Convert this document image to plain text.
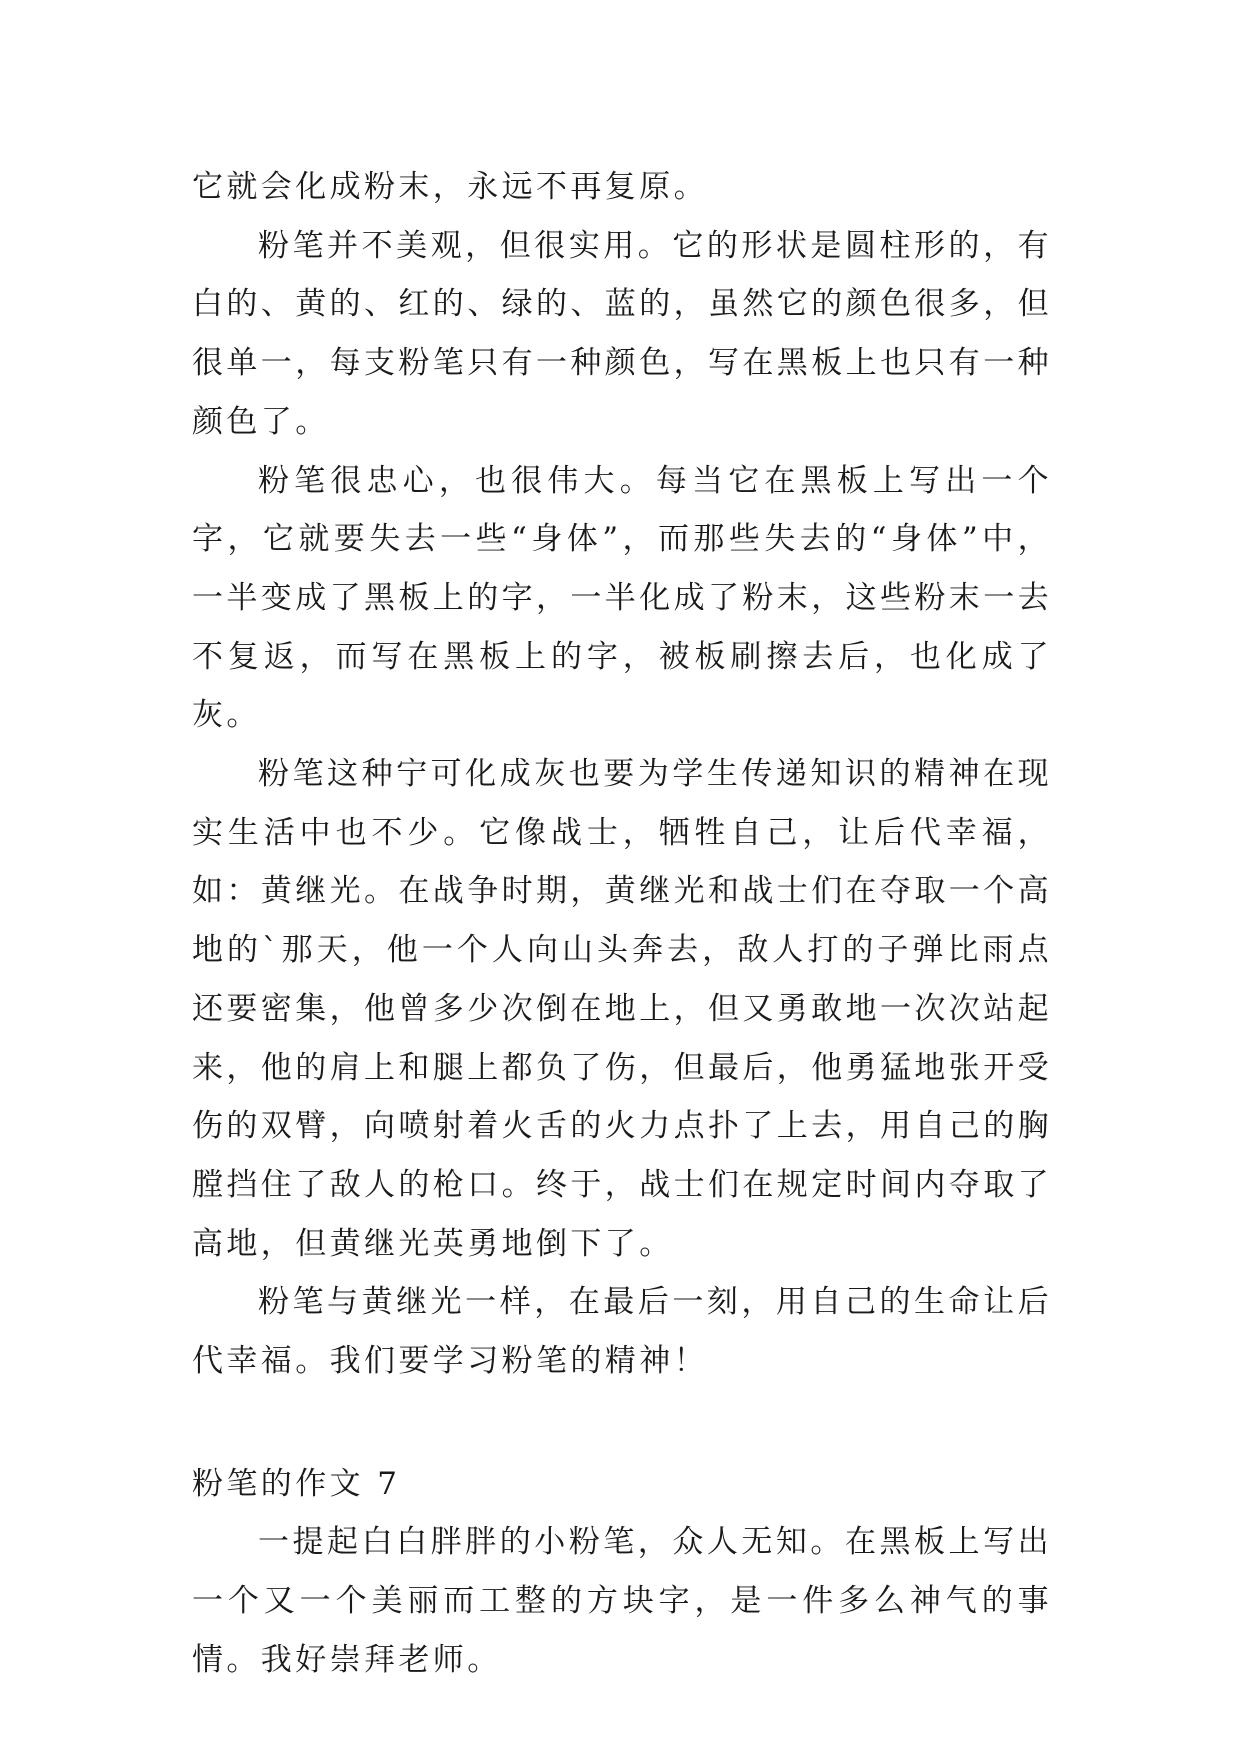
它就会化成粉末，永远不再复原。

粉笔并不美观，但很实用。它的形状是圆柱形的，有白的、黄的、红的、绿的、蓝的，虽然它的颜色很多，但很单一，每支粉笔只有一种颜色，写在黑板上也只有一种颜色了。

粉笔很忠心，也很伟大。每当它在黑板上写出一个字，它就要失去一些“身体”，而那些失去的“身体”中，一半变成了黑板上的字，一半化成了粉末，这些粉末一去不复返，而写在黑板上的字，被板刷擦去后，也化成了灰。

粉笔这种宁可化成灰也要为学生传递知识的精神在现实生活中也不少。它像战士，牺牲自己，让后代幸福，如：黄继光。在战争时期，黄继光和战士们在夺取一个高地的`那天，他一个人向山头奔去，敌人打的子弹比雨点还要密集，他曾多少次倒在地上，但又勇敢地一次次站起来，他的肩上和腿上都负了伤，但最后，他勇猛地张开受伤的双臂，向喷射着火舌的火力点扑了上去，用自己的胸膛挡住了敌人的枪口。终于，战士们在规定时间内夺取了高地，但黄继光英勇地倒下了。

粉笔与黄继光一样，在最后一刻，用自己的生命让后代幸福。我们要学习粉笔的精神！

粉笔的作文 7

一提起白白胖胖的小粉笔，众人无知。在黑板上写出一个又一个美丽而工整的方块字，是一件多么神气的事情。我好崇拜老师。
